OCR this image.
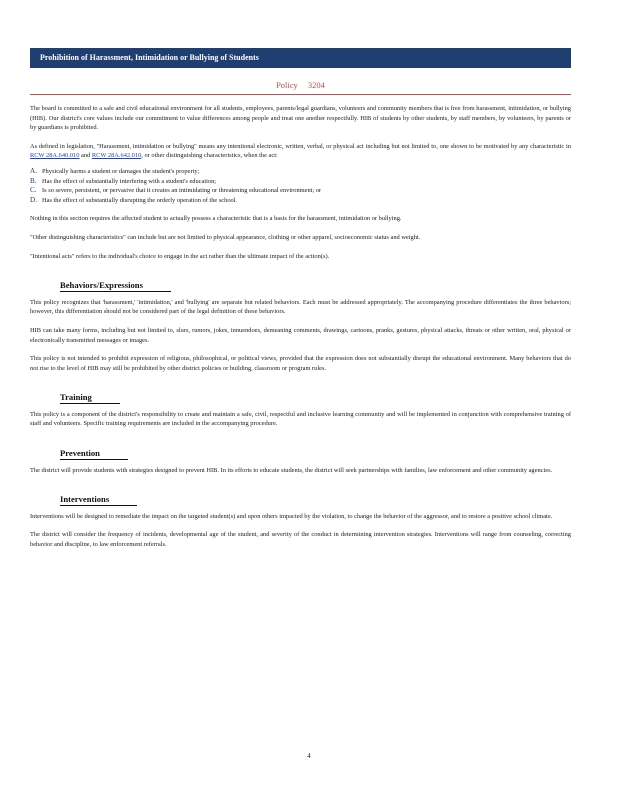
Prohibition of Harassment, Intimidation or Bullying of Students
Policy 3204

The board is committed to a safe and civil educational environment for all students, employees, parents/legal guardians, volunteers and community members that is free from harassment, intimidation, or bullying (HIB). Our district's core values include our commitment to value differences among people and treat one another respectfully. HIB of students by other students, by staff members, by volunteers, by parents or by guardians is prohibited.

As defined in legislation, "Harassment, intimidation or bullying" means any intentional electronic, written, verbal, or physical act including but not limited to, one shown to be motivated by any characteristic in RCW 28A.640.010 and RCW 28A.642.010, or other distinguishing characteristics, when the act:

A. Physically harms a student or damages the student's property;
B. Has the effect of substantially interfering with a student's education;
C. Is so severe, persistent, or pervasive that it creates an intimidating or threatening educational environment; or
D. Has the effect of substantially disrupting the orderly operation of the school.

Nothing in this section requires the affected student to actually possess a characteristic that is a basis for the harassment, intimidation or bullying.

"Other distinguishing characteristics" can include but are not limited to physical appearance, clothing or other apparel, socioeconomic status and weight.

"Intentional acts" refers to the individual's choice to engage in the act rather than the ultimate impact of the action(s).

Behaviors/Expressions

This policy recognizes that 'harassment,' 'intimidation,' and 'bullying' are separate but related behaviors. Each must be addressed appropriately. The accompanying procedure differentiates the three behaviors; however, this differentiation should not be considered part of the legal definition of these behaviors.

HIB can take many forms, including but not limited to, slurs, rumors, jokes, innuendoes, demeaning comments, drawings, cartoons, pranks, gestures, physical attacks, threats or other written, oral, physical or electronically transmitted messages or images.

This policy is not intended to prohibit expression of religious, philosophical, or political views, provided that the expression does not substantially disrupt the educational environment. Many behaviors that do not rise to the level of HIB may still be prohibited by other district policies or building, classroom or program rules.

Training

This policy is a component of the district's responsibility to create and maintain a safe, civil, respectful and inclusive learning community and will be implemented in conjunction with comprehensive training of staff and volunteers. Specific training requirements are included in the accompanying procedure.

Prevention

The district will provide students with strategies designed to prevent HIB. In its efforts to educate students, the district will seek partnerships with families, law enforcement and other community agencies.

Interventions

Interventions will be designed to remediate the impact on the targeted student(s) and upon others impacted by the violation, to change the behavior of the aggressor, and to restore a positive school climate.

The district will consider the frequency of incidents, developmental age of the student, and severity of the conduct in determining intervention strategies. Interventions will range from counseling, correcting behavior and discipline, to law enforcement referrals.

4
